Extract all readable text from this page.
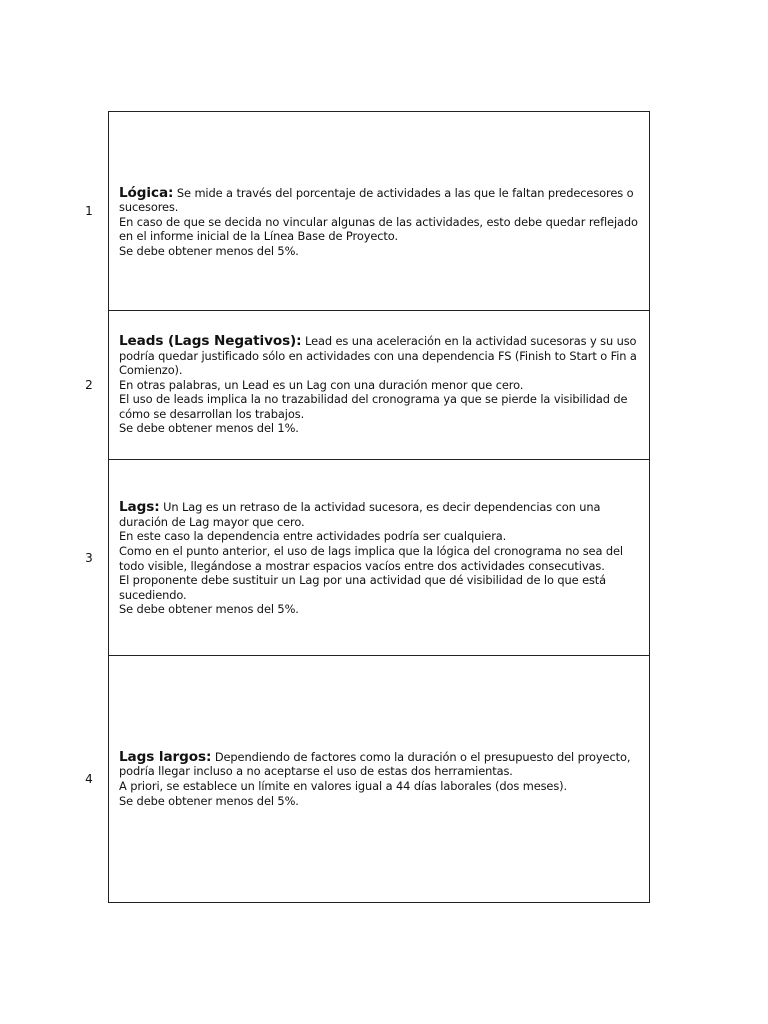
1

Lógica: Se mide a través del porcentaje de actividades a las que le faltan predecesores o sucesores.

En caso de que se decida no vincular algunas de las actividades, esto debe quedar reflejado en el informe inicial de la Línea Base de Proyecto.

Se debe obtener menos del 5%.

2

Leads (Lags Negativos): Lead es una aceleración en la actividad sucesoras y su uso podría quedar justificado sólo en actividades con una dependencia FS (Finish to Start o Fin a Comienzo).

En otras palabras, un Lead es un Lag con una duración menor que cero.

El uso de leads implica la no trazabilidad del cronograma ya que se pierde la visibilidad de cómo se desarrollan los trabajos.

Se debe obtener menos del 1%.

3

Lags: Un Lag es un retraso de la actividad sucesora, es decir dependencias con una duración de Lag mayor que cero.

En este caso la dependencia entre actividades podría ser cualquiera.

Como en el punto anterior, el uso de lags implica que la lógica del cronograma no sea del todo visible, llegándose a mostrar espacios vacíos entre dos actividades consecutivas.

El proponente debe sustituir un Lag por una actividad que dé visibilidad de lo que está sucediendo.

Se debe obtener menos del 5%.

4

Lags largos: Dependiendo de factores como la duración o el presupuesto del proyecto, podría llegar incluso a no aceptarse el uso de estas dos herramientas.

A priori, se establece un límite en valores igual a 44 días laborales (dos meses).

Se debe obtener menos del 5%.
